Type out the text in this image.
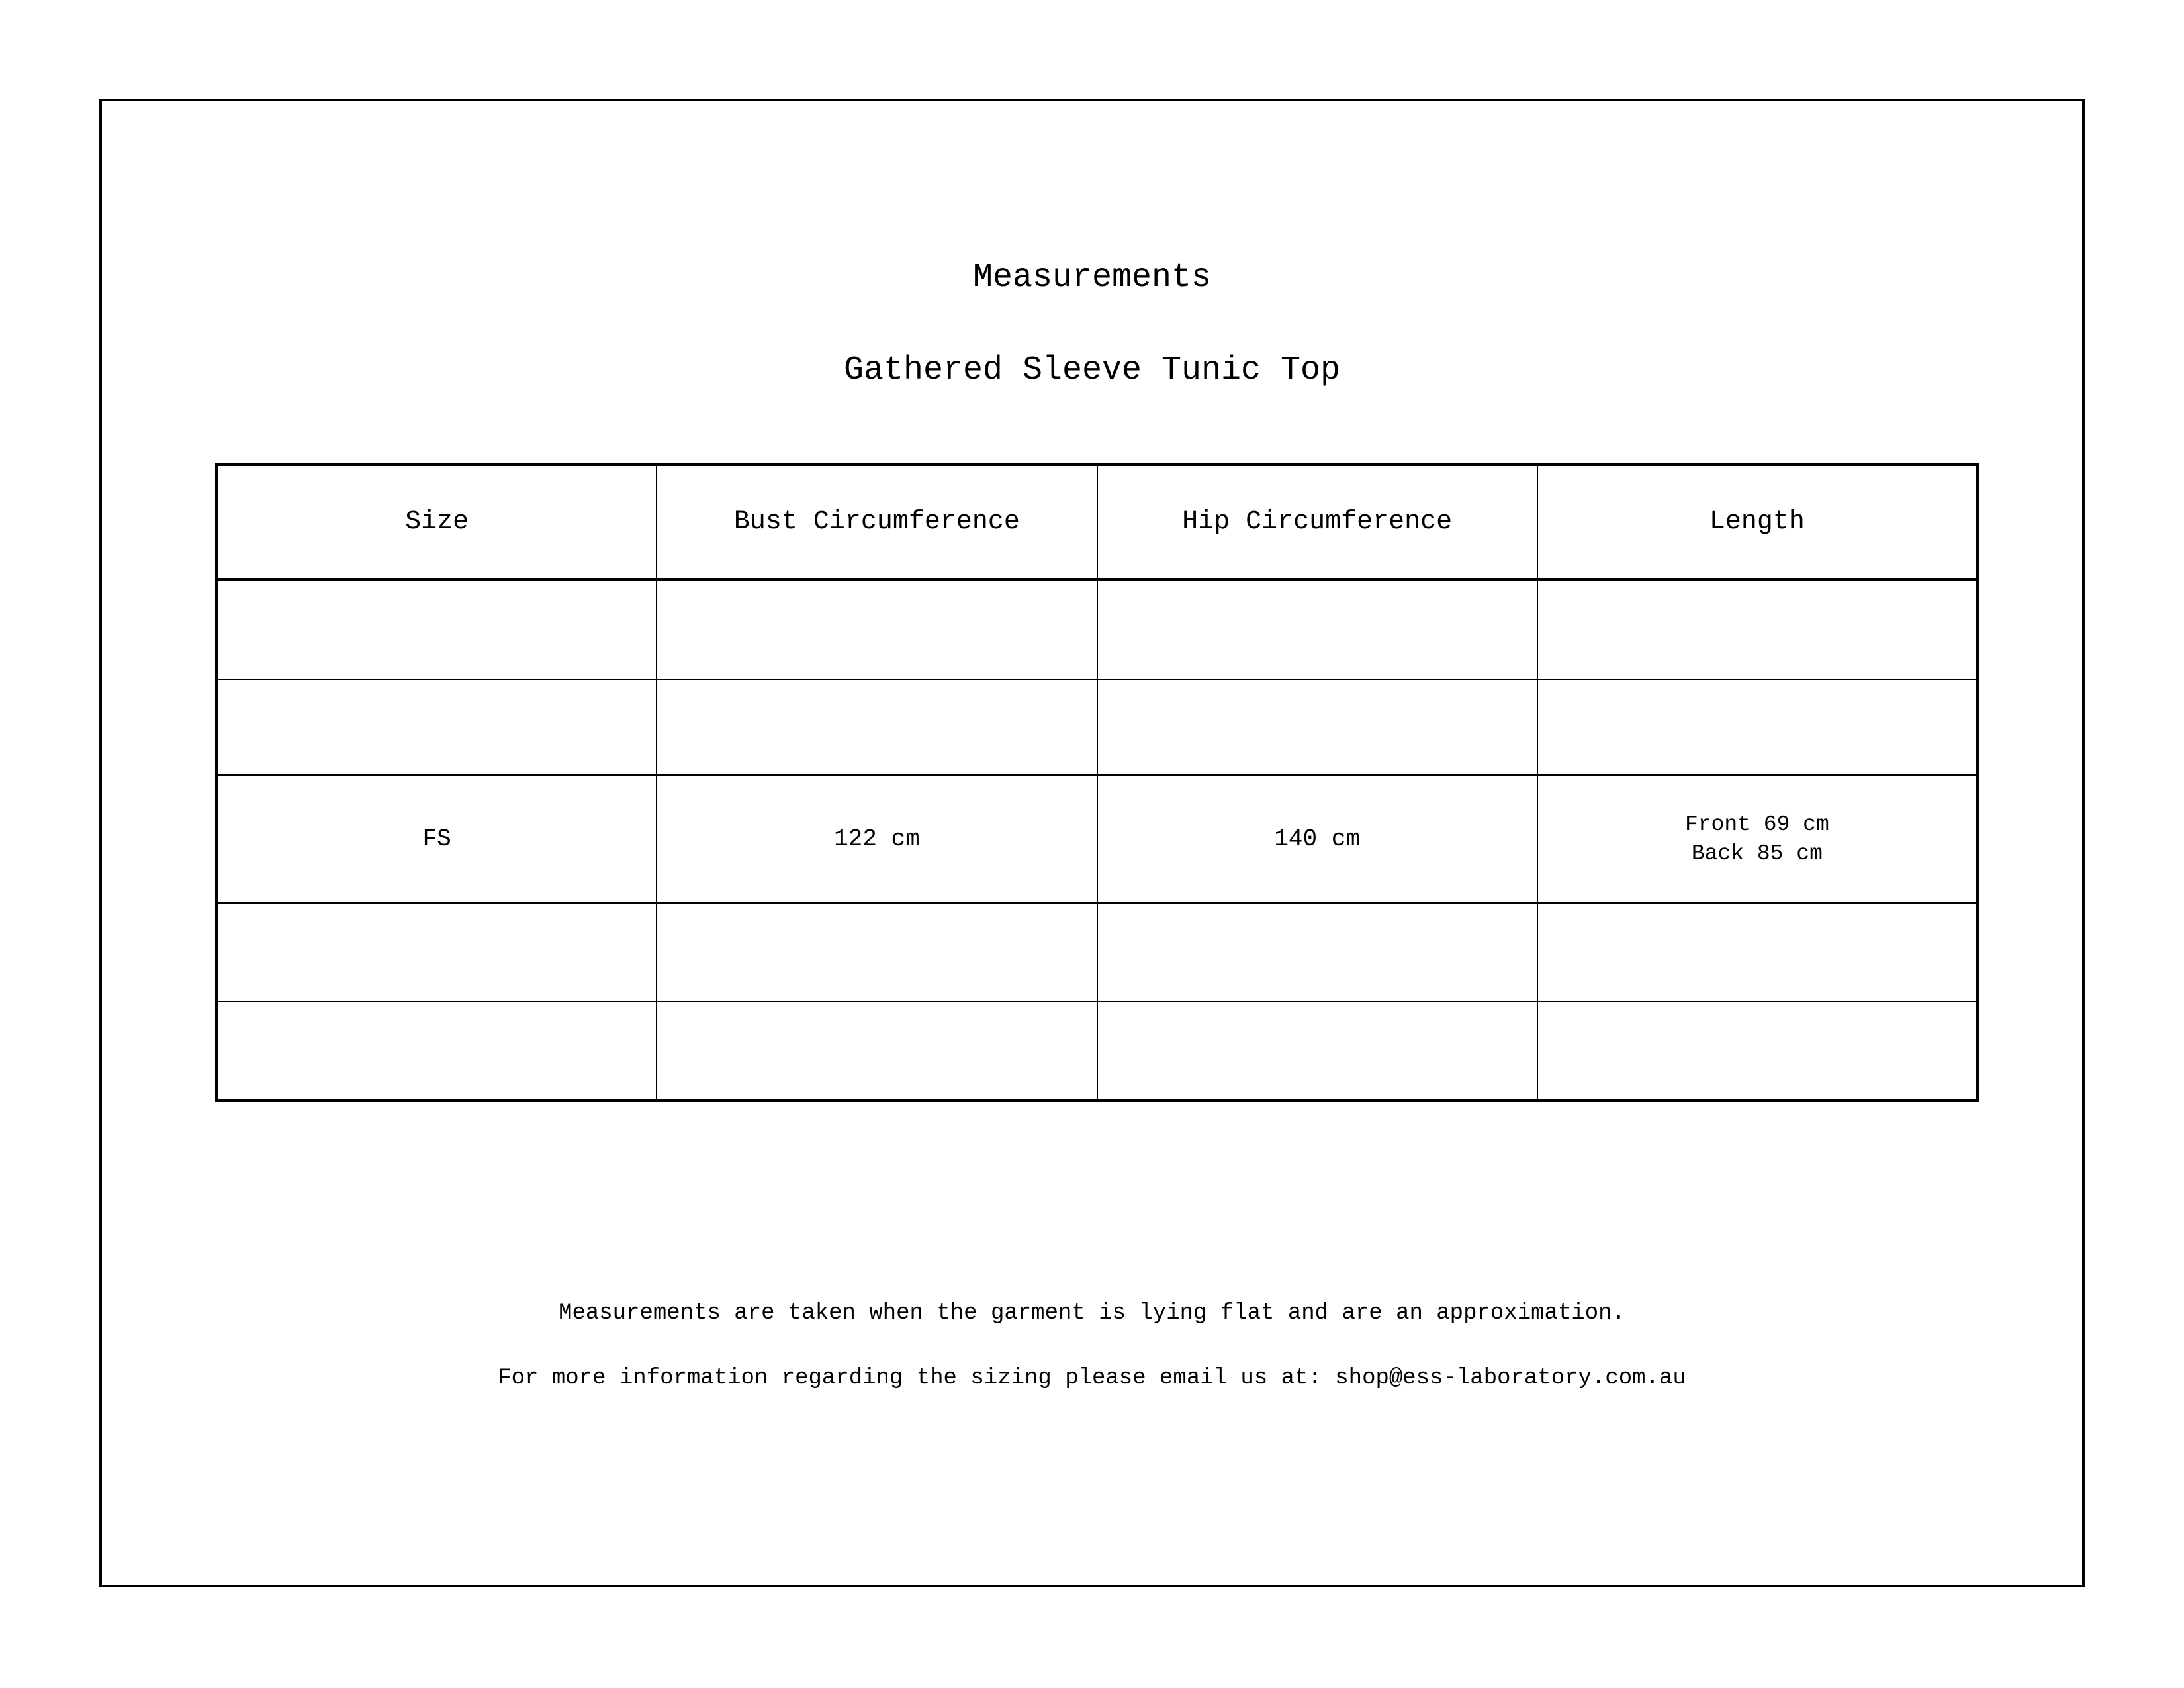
Measurements
Gathered Sleeve Tunic Top
Size	Bust Circumference	Hip Circumference	Length

FS	122 cm	140 cm	Front 69 cm
Back 85 cm

Measurements are taken when the garment is lying flat and are an approximation.

For more information regarding the sizing please email us at: shop@ess-laboratory.com.au
